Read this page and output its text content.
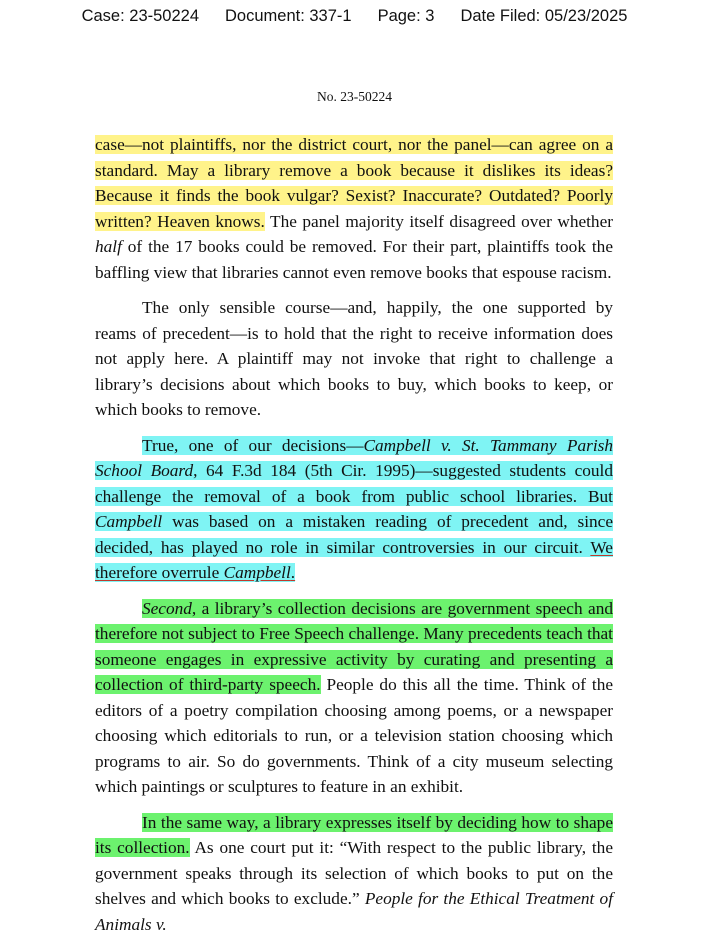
Case: 23-50224 Document: 337-1 Page: 3 Date Filed: 05/23/2025
No. 23-50224

case—not plaintiffs, nor the district court, nor the panel—can agree on a standard. May a library remove a book because it dislikes its ideas? Because it finds the book vulgar? Sexist? Inaccurate? Outdated? Poorly written? Heaven knows. The panel majority itself disagreed over whether half of the 17 books could be removed. For their part, plaintiffs took the baffling view that libraries cannot even remove books that espouse racism.

The only sensible course—and, happily, the one supported by reams of precedent—is to hold that the right to receive information does not apply here. A plaintiff may not invoke that right to challenge a library’s decisions about which books to buy, which books to keep, or which books to remove.

True, one of our decisions—Campbell v. St. Tammany Parish School Board, 64 F.3d 184 (5th Cir. 1995)—suggested students could challenge the removal of a book from public school libraries. But Campbell was based on a mistaken reading of precedent and, since decided, has played no role in similar controversies in our circuit. We therefore overrule Campbell.

Second, a library’s collection decisions are government speech and therefore not subject to Free Speech challenge. Many precedents teach that someone engages in expressive activity by curating and presenting a collection of third-party speech. People do this all the time. Think of the editors of a poetry compilation choosing among poems, or a newspaper choosing which editorials to run, or a television station choosing which programs to air. So do governments. Think of a city museum selecting which paintings or sculptures to feature in an exhibit.

In the same way, a library expresses itself by deciding how to shape its collection. As one court put it: “With respect to the public library, the government speaks through its selection of which books to put on the shelves and which books to exclude.” People for the Ethical Treatment of Animals v.
